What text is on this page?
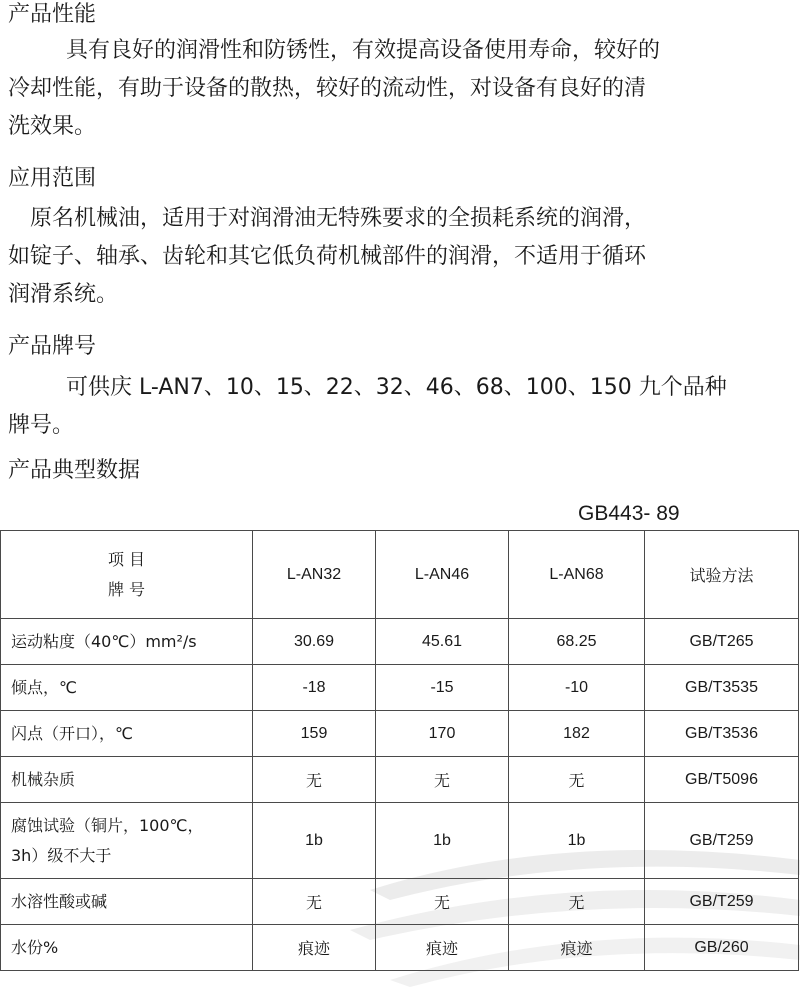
产品性能
具有良好的润滑性和防锈性，有效提高设备使用寿命，较好的
冷却性能，有助于设备的散热，较好的流动性，对设备有良好的清
洗效果。
应用范围
原名机械油，适用于对润滑油无特殊要求的全损耗系统的润滑，
如锭子、轴承、齿轮和其它低负荷机械部件的润滑，不适用于循环
润滑系统。
产品牌号
可供庆 L-AN7、10、15、22、32、46、68、100、150 九个品种
牌号。
产品典型数据
GB443- 89
项 目
牌 号	L-AN32	L-AN46	L-AN68	试验方法
运动粘度（40℃）mm²/s	30.69	45.61	68.25	GB/T265
倾点，℃	-18	-15	-10	GB/T3535
闪点（开口），℃	159	170	182	GB/T3536
机械杂质	无	无	无	GB/T5096

腐蚀试验（铜片，100℃，
3h）级不大于	1b	1b	1b	GB/T259
水溶性酸或碱	无	无	无	GB/T259
水份%	痕迹	痕迹	痕迹	GB/260
